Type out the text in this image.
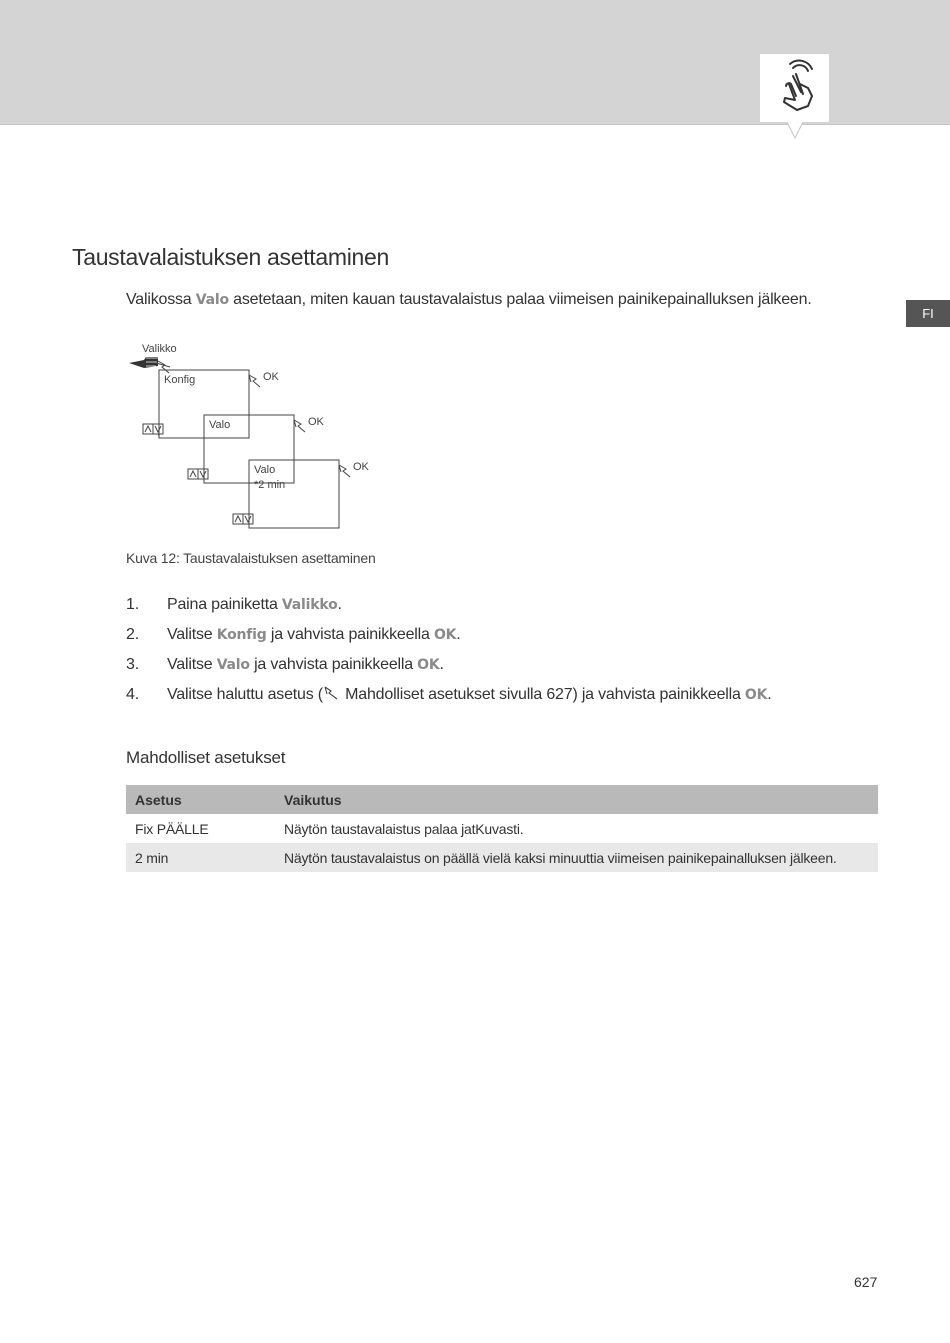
FI
Taustavalaistuksen asettaminen

Valikossa Valo asetetaan, miten kauan taustavalaistus palaa viimeisen painikepainalluksen jälkeen.

Valikko
Konfig
Valo
Valo
*2 min
OK
OK
OK

Kuva 12: Taustavalaistuksen asettaminen

1. Paina painiketta Valikko.
2. Valitse Konfig ja vahvista painikkeella OK.
3. Valitse Valo ja vahvista painikkeella OK.
4. Valitse haluttu asetus ( Mahdolliset asetukset sivulla 627) ja vahvista painikkeella OK.
Mahdolliset asetukset
Asetus	Vaikutus
Fix PÄÄLLE	Näytön taustavalaistus palaa jatKuvasti.
2 min	Näytön taustavalaistus on päällä vielä kaksi minuuttia viimeisen painikepainalluksen jälkeen.

627
